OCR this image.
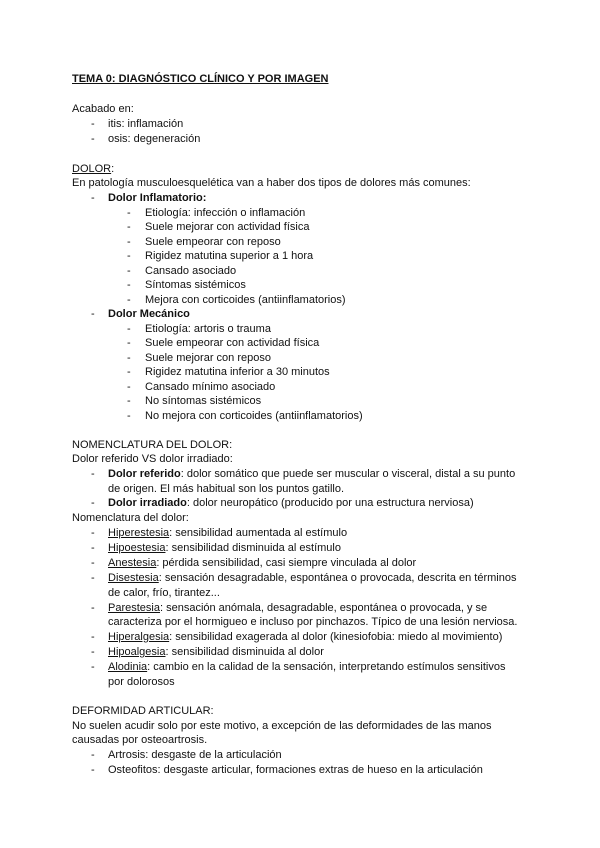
TEMA 0: DIAGNÓSTICO CLÍNICO Y POR IMAGEN
Acabado en:
- itis: inflamación
- osis: degeneración
DOLOR:
En patología musculoesquelética van a haber dos tipos de dolores más comunes:
- Dolor Inflamatorio:
- Etiología: infección o inflamación
- Suele mejorar con actividad física
- Suele empeorar con reposo
- Rigidez matutina superior a 1 hora
- Cansado asociado
- Síntomas sistémicos
- Mejora con corticoides (antiinflamatorios)
- Dolor Mecánico
- Etiología: artoris o trauma
- Suele empeorar con actividad física
- Suele mejorar con reposo
- Rigidez matutina inferior a 30 minutos
- Cansado mínimo asociado
- No síntomas sistémicos
- No mejora con corticoides (antiinflamatorios)
NOMENCLATURA DEL DOLOR:
Dolor referido VS dolor irradiado:
- Dolor referido: dolor somático que puede ser muscular o visceral, distal a su punto
de origen. El más habitual son los puntos gatillo.
- Dolor irradiado: dolor neuropático (producido por una estructura nerviosa)
Nomenclatura del dolor:
- Hiperestesia: sensibilidad aumentada al estímulo
- Hipoestesia: sensibilidad disminuida al estímulo
- Anestesia: pérdida sensibilidad, casi siempre vinculada al dolor
- Disestesia: sensación desagradable, espontánea o provocada, descrita en términos
de calor, frío, tirantez...
- Parestesia: sensación anómala, desagradable, espontánea o provocada, y se
caracteriza por el hormigueo e incluso por pinchazos. Típico de una lesión nerviosa.
- Hiperalgesia: sensibilidad exagerada al dolor (kinesiofobia: miedo al movimiento)
- Hipoalgesia: sensibilidad disminuida al dolor
- Alodinia: cambio en la calidad de la sensación, interpretando estímulos sensitivos
por dolorosos
DEFORMIDAD ARTICULAR:
No suelen acudir solo por este motivo, a excepción de las deformidades de las manos
causadas por osteoartrosis.
- Artrosis: desgaste de la articulación
- Osteofitos: desgaste articular, formaciones extras de hueso en la articulación
